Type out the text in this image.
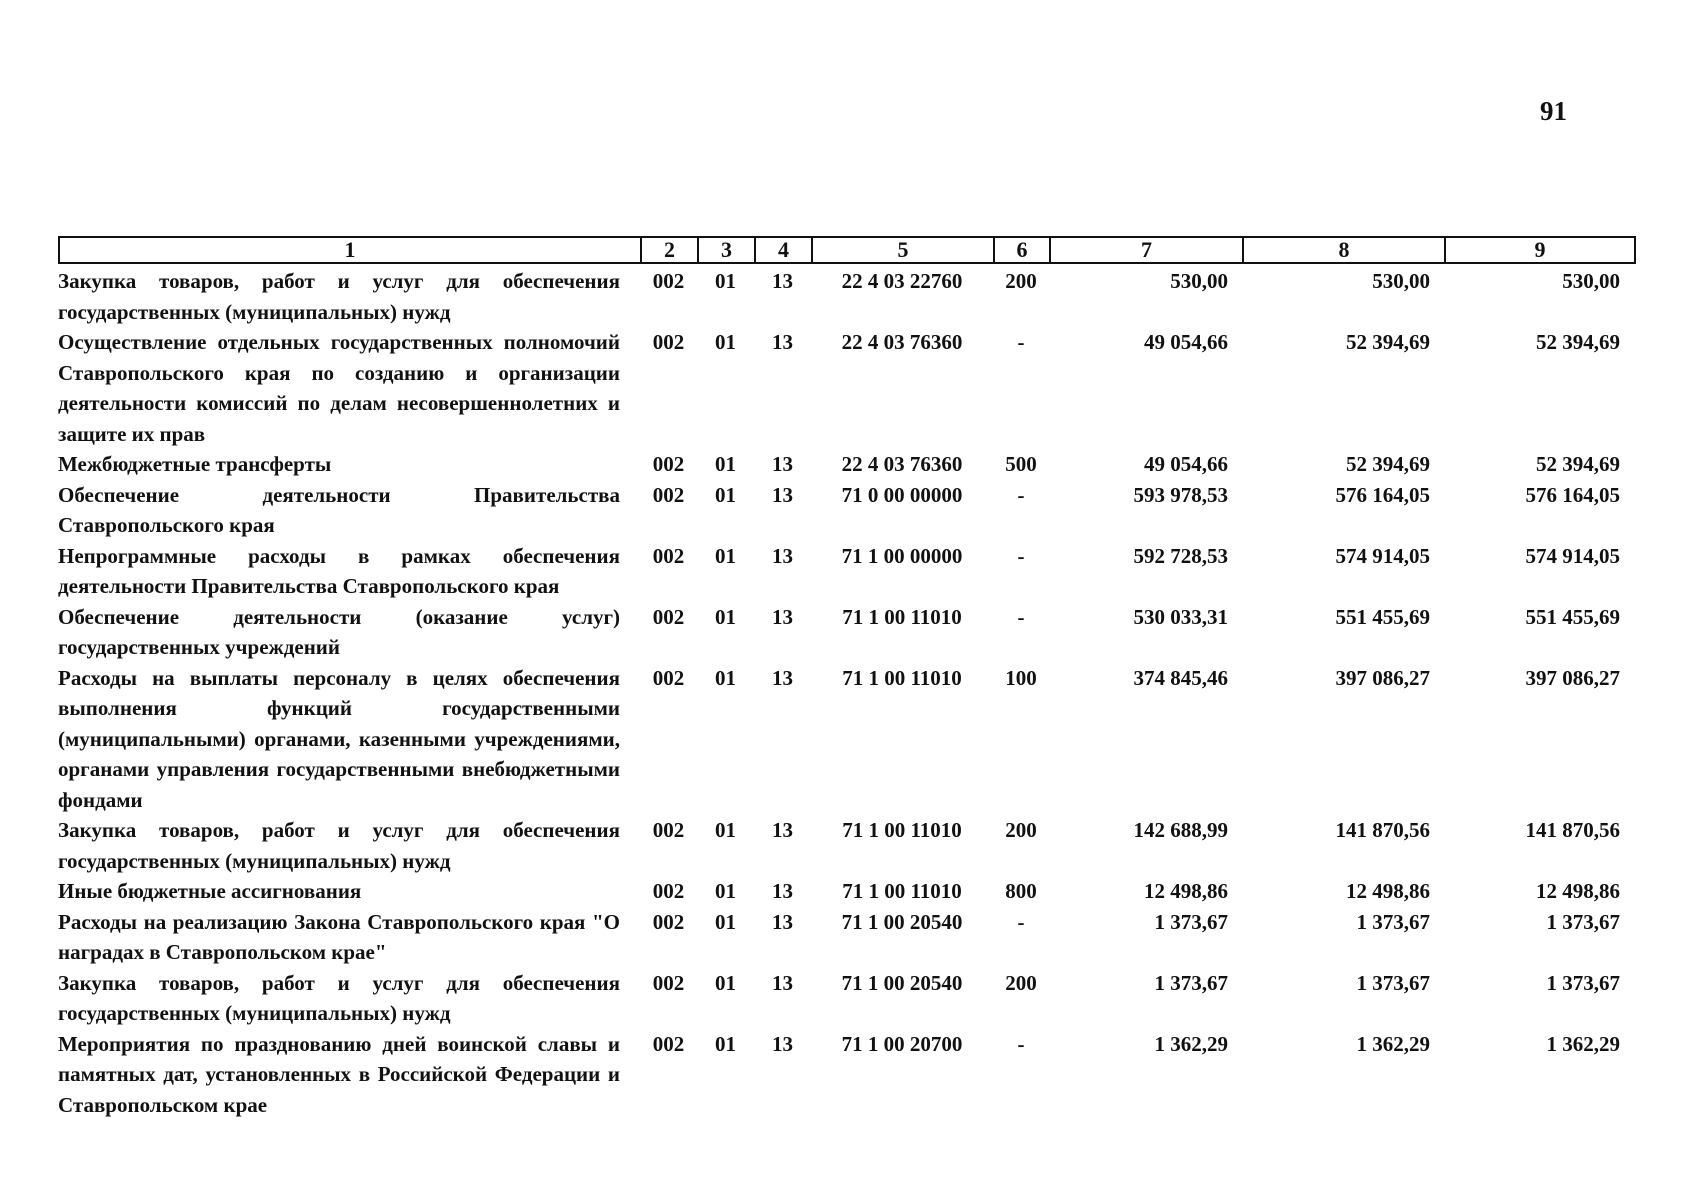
91
1	2	3	4	5	6	7	8	9
Закупка товаров, работ и услуг для обеспечения государственных (муниципальных) нужд	002	01	13	22 4 03 22760	200	530,00	530,00	530,00
Осуществление отдельных государственных полномочий Ставропольского края по созданию и организации деятельности комиссий по делам несовершеннолетних и защите их прав	002	01	13	22 4 03 76360	-	49 054,66	52 394,69	52 394,69
Межбюджетные трансферты	002	01	13	22 4 03 76360	500	49 054,66	52 394,69	52 394,69
Обеспечение деятельности Правительства Ставропольского края	002	01	13	71 0 00 00000	-	593 978,53	576 164,05	576 164,05
Непрограммные расходы в рамках обеспечения деятельности Правительства Ставропольского края	002	01	13	71 1 00 00000	-	592 728,53	574 914,05	574 914,05
Обеспечение деятельности (оказание услуг) государственных учреждений	002	01	13	71 1 00 11010	-	530 033,31	551 455,69	551 455,69
Расходы на выплаты персоналу в целях обеспечения выполнения функций государственными (муниципальными) органами, казенными учреждениями, органами управления государственными внебюджетными фондами	002	01	13	71 1 00 11010	100	374 845,46	397 086,27	397 086,27
Закупка товаров, работ и услуг для обеспечения государственных (муниципальных) нужд	002	01	13	71 1 00 11010	200	142 688,99	141 870,56	141 870,56
Иные бюджетные ассигнования	002	01	13	71 1 00 11010	800	12 498,86	12 498,86	12 498,86
Расходы на реализацию Закона Ставропольского края "О наградах в Ставропольском крае"	002	01	13	71 1 00 20540	-	1 373,67	1 373,67	1 373,67
Закупка товаров, работ и услуг для обеспечения государственных (муниципальных) нужд	002	01	13	71 1 00 20540	200	1 373,67	1 373,67	1 373,67
Мероприятия по празднованию дней воинской славы и памятных дат, установленных в Российской Федерации и Ставропольском крае	002	01	13	71 1 00 20700	-	1 362,29	1 362,29	1 362,29
